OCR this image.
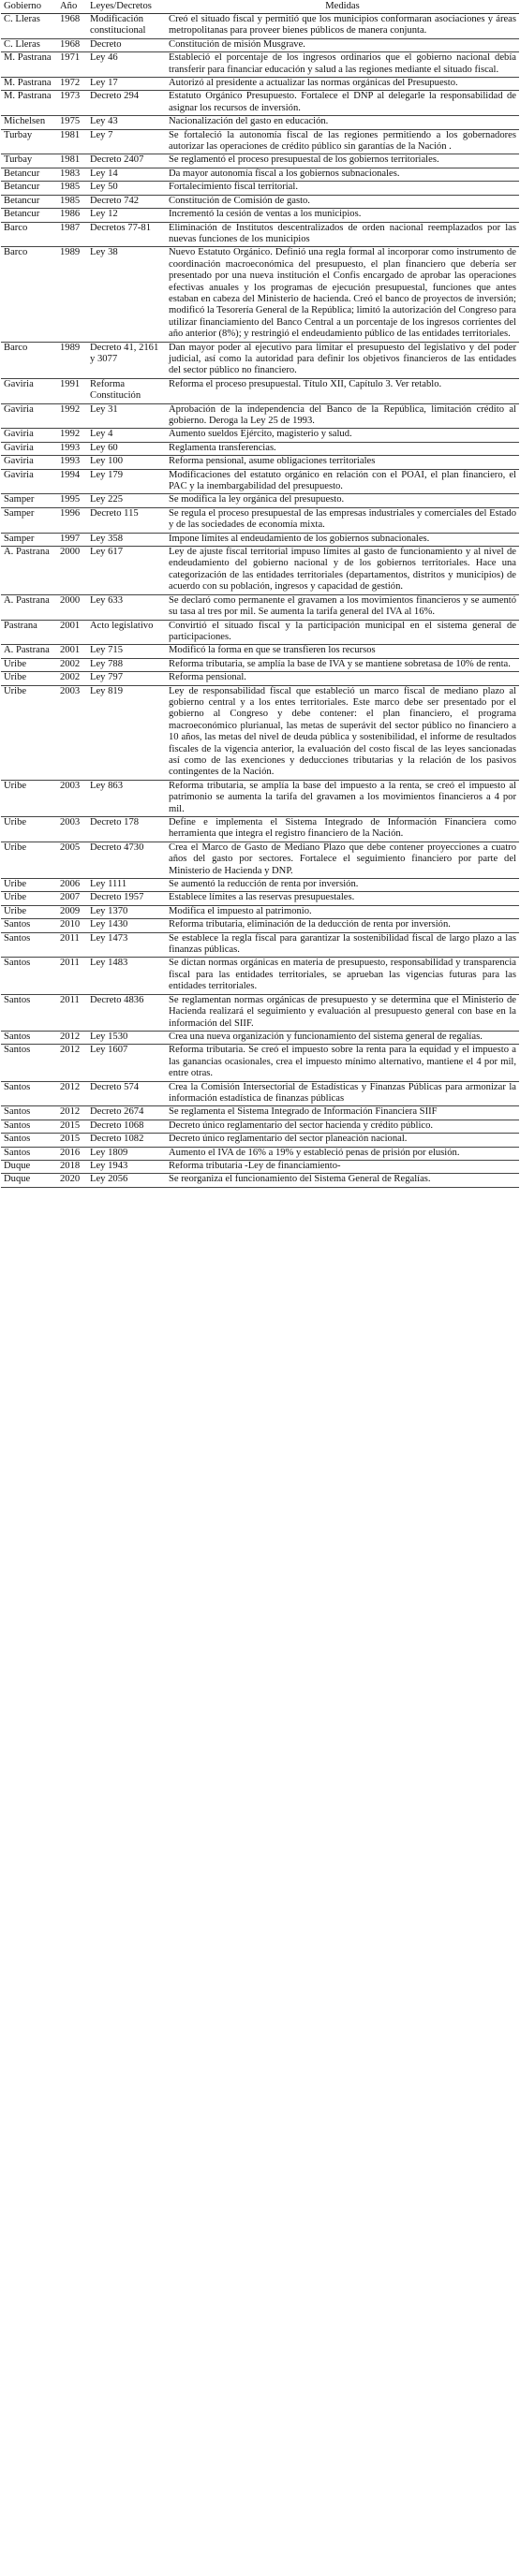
Gobierno	Año	Leyes/Decretos	Medidas
C. Lleras	1968	Modificación constitucional	Creó el situado fiscal y permitió que los municipios conformaran asociaciones y áreas metropolitanas para proveer bienes públicos de manera conjunta.
C. Lleras	1968	Decreto	Constitución de misión Musgrave.
M. Pastrana	1971	Ley 46	Estableció el porcentaje de los ingresos ordinarios que el gobierno nacional debía transferir para financiar educación y salud a las regiones mediante el situado fiscal.
M. Pastrana	1972	Ley 17	Autorizó al presidente a actualizar las normas orgánicas del Presupuesto.
M. Pastrana	1973	Decreto 294	Estatuto Orgánico Presupuesto. Fortalece el DNP al delegarle la responsabilidad de asignar los recursos de inversión.
Michelsen	1975	Ley 43	Nacionalización del gasto en educación.
Turbay	1981	Ley 7	Se fortaleció la autonomía fiscal de las regiones permitiendo a los gobernadores autorizar las operaciones de crédito público sin garantías de la Nación .
Turbay	1981	Decreto 2407	Se reglamentó el proceso presupuestal de los gobiernos territoriales.
Betancur	1983	Ley 14	Da mayor autonomía fiscal a los gobiernos subnacionales.
Betancur	1985	Ley 50	Fortalecimiento fiscal territorial.
Betancur	1985	Decreto 742	Constitución de Comisión de gasto.
Betancur	1986	Ley 12	Incrementó la cesión de ventas a los municipios.
Barco	1987	Decretos 77-81	Eliminación de Institutos descentralizados de orden nacional reemplazados por las nuevas funciones de los municipios
Barco	1989	Ley 38	Nuevo Estatuto Orgánico. Definió una regla formal al incorporar como instrumento de coordinación macroeconómica del presupuesto, el plan financiero que debería ser presentado por una nueva institución el Confis encargado de aprobar las operaciones efectivas anuales y los programas de ejecución presupuestal, funciones que antes estaban en cabeza del Ministerio de hacienda. Creó el banco de proyectos de inversión; modificó la Tesorería General de la República; limitó la autorización del Congreso para utilizar financiamiento del Banco Central a un porcentaje de los ingresos corrientes del año anterior (8%); y restringió el endeudamiento público de las entidades territoriales.
Barco	1989	Decreto 41, 2161 y 3077	Dan mayor poder al ejecutivo para limitar el presupuesto del legislativo y del poder judicial, así como la autoridad para definir los objetivos financieros de las entidades del sector público no financiero.
Gaviria	1991	Reforma Constitución	Reforma el proceso presupuestal. Título XII, Capítulo 3. Ver retablo.
Gaviria	1992	Ley 31	Aprobación de la independencia del Banco de la República, limitación crédito al gobierno. Deroga la Ley 25 de 1993.
Gaviria	1992	Ley 4	Aumento sueldos Ejército, magisterio y salud.
Gaviria	1993	Ley 60	Reglamenta transferencias.
Gaviria	1993	Ley 100	Reforma pensional, asume obligaciones territoriales
Gaviria	1994	Ley 179	Modificaciones del estatuto orgánico en relación con el POAI, el plan financiero, el PAC y la inembargabilidad del presupuesto.
Samper	1995	Ley 225	Se modifica la ley orgánica del presupuesto.
Samper	1996	Decreto 115	Se regula el proceso presupuestal de las empresas industriales y comerciales del Estado y de las sociedades de economía mixta.
Samper	1997	Ley 358	Impone límites al endeudamiento de los gobiernos subnacionales.
A. Pastrana	2000	Ley 617	Ley de ajuste fiscal territorial impuso límites al gasto de funcionamiento y al nivel de endeudamiento del gobierno nacional y de los gobiernos territoriales. Hace una categorización de las entidades territoriales (departamentos, distritos y municipios) de acuerdo con su población, ingresos y capacidad de gestión.
A. Pastrana	2000	Ley 633	Se declaró como permanente el gravamen a los movimientos financieros y se aumentó su tasa al tres por mil. Se aumenta la tarifa general del IVA al 16%.
Pastrana	2001	Acto legislativo	Convirtió el situado fiscal y la participación municipal en el sistema general de participaciones.
A. Pastrana	2001	Ley 715	Modificó la forma en que se transfieren los recursos
Uribe	2002	Ley 788	Reforma tributaria, se amplía la base de IVA y se mantiene sobretasa de 10% de renta.
Uribe	2002	Ley 797	Reforma pensional.
Uribe	2003	Ley 819	Ley de responsabilidad fiscal que estableció un marco fiscal de mediano plazo al gobierno central y a los entes territoriales. Este marco debe ser presentado por el gobierno al Congreso y debe contener: el plan financiero, el programa macroeconómico plurianual, las metas de superávit del sector público no financiero a 10 años, las metas del nivel de deuda pública y sostenibilidad, el informe de resultados fiscales de la vigencia anterior, la evaluación del costo fiscal de las leyes sancionadas así como de las exenciones y deducciones tributarias y la relación de los pasivos contingentes de la Nación.
Uribe	2003	Ley 863	Reforma tributaria, se amplía la base del impuesto a la renta, se creó el impuesto al patrimonio se aumenta la tarifa del gravamen a los movimientos financieros a 4 por mil.
Uribe	2003	Decreto 178	Define e implementa el Sistema Integrado de Información Financiera como herramienta que integra el registro financiero de la Nación.
Uribe	2005	Decreto 4730	Crea el Marco de Gasto de Mediano Plazo que debe contener proyecciones a cuatro años del gasto por sectores. Fortalece el seguimiento financiero por parte del Ministerio de Hacienda y DNP.
Uribe	2006	Ley 1111	Se aumentó la reducción de renta por inversión.
Uribe	2007	Decreto 1957	Establece límites a las reservas presupuestales.
Uribe	2009	Ley 1370	Modifica el impuesto al patrimonio.
Santos	2010	Ley 1430	Reforma tributaria, eliminación de la deducción de renta por inversión.
Santos	2011	Ley 1473	Se establece la regla fiscal para garantizar la sostenibilidad fiscal de largo plazo a las finanzas públicas.
Santos	2011	Ley 1483	Se dictan normas orgánicas en materia de presupuesto, responsabilidad y transparencia fiscal para las entidades territoriales, se aprueban las vigencias futuras para las entidades territoriales.
Santos	2011	Decreto 4836	Se reglamentan normas orgánicas de presupuesto y se determina que el Ministerio de Hacienda realizará el seguimiento y evaluación al presupuesto general con base en la información del SIIF.
Santos	2012	Ley 1530	Crea una nueva organización y funcionamiento del sistema general de regalías.
Santos	2012	Ley 1607	Reforma tributaria. Se creó el impuesto sobre la renta para la equidad y el impuesto a las ganancias ocasionales, crea el impuesto mínimo alternativo, mantiene el 4 por mil, entre otras.
Santos	2012	Decreto 574	Crea la Comisión Intersectorial de Estadísticas y Finanzas Públicas para armonizar la información estadística de finanzas públicas
Santos	2012	Decreto 2674	Se reglamenta el Sistema Integrado de Información Financiera SIIF
Santos	2015	Decreto 1068	Decreto único reglamentario del sector hacienda y crédito público.
Santos	2015	Decreto 1082	Decreto único reglamentario del sector planeación nacional.
Santos	2016	Ley 1809	Aumento el IVA de 16% a 19% y estableció penas de prisión por elusión.
Duque	2018	Ley 1943	Reforma tributaria -Ley de financiamiento-
Duque	2020	Ley 2056	Se reorganiza el funcionamiento del Sistema General de Regalías.
